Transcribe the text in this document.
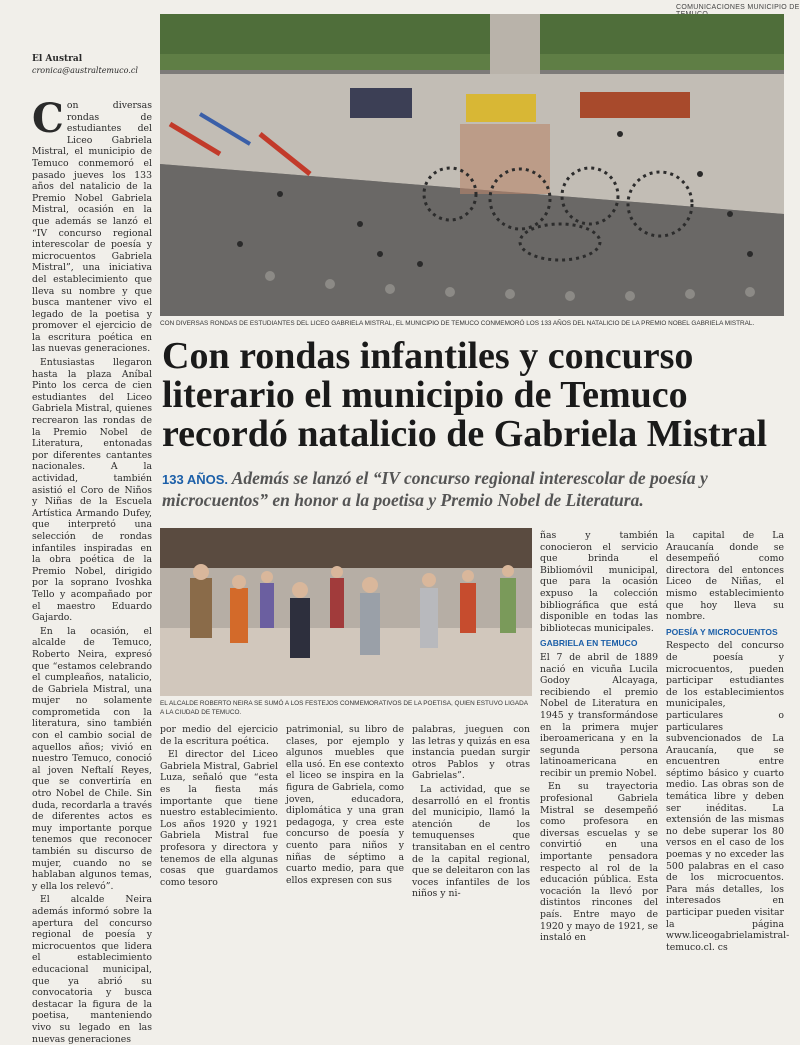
COMUNICACIONES MUNICIPIO DE
El Austral
cronica@australtemuco.cl

Con diversas rondas de estudiantes del Liceo Gabriela Mistral, el municipio de Temuco conmemoró el pasado jueves los 133 años del natalicio de la Premio Nobel Gabriela Mistral, ocasión en la que además se lanzó el “IV concurso regional interescolar de poesía y microcuentos Gabriela Mistral”, una iniciativa del establecimiento que lleva su nombre y que busca mantener vivo el legado de la poetisa y promover el ejercicio de la escritura poética en las nuevas generaciones.

Entusiastas llegaron hasta la plaza Aníbal Pinto los cerca de cien estudiantes del Liceo Gabriela Mistral, quienes recrearon las rondas de la Premio Nobel de Literatura, entonadas por diferentes cantantes nacionales. A la actividad, también asistió el Coro de Niños y Niñas de la Escuela Artística Armando Dufey, que interpretó una selección de rondas infantiles inspiradas en la obra poética de la Premio Nobel, dirigido por la soprano Ivoshka Tello y acompañado por el maestro Eduardo Gajardo.

En la ocasión, el alcalde de Temuco, Roberto Neira, expresó que “estamos celebrando el cumpleaños, natalicio, de Gabriela Mistral, una mujer no solamente comprometida con la literatura, sino también con el cambio social de aquellos años; vivió en nuestro Temuco, conoció al joven Neftalí Reyes, que se convertiría en otro Nobel de Chile. Sin duda, recordarla a través de diferentes actos es muy importante porque tenemos que reconocer también su discurso de mujer, cuando no se hablaban algunos temas, y ella los relevó”.

El alcalde Neira además informó sobre la apertura del concurso regional de poesía y microcuentos que lidera el establecimiento educacional municipal, que ya abrió su convocatoria y busca destacar la figura de la poetisa, manteniendo vivo su legado en las nuevas generaciones

CON DIVERSAS RONDAS DE ESTUDIANTES DEL LICEO GABRIELA MISTRAL, EL MUNICIPIO DE TEMUCO CONMEMORÓ LOS 133 AÑOS DEL NATALICIO DE LA PREMIO NOBEL GABRIELA MISTRAL.
Con rondas infantiles y concurso literario el municipio de Temuco recordó natalicio de Gabriela Mistral
133 AÑOS. Además se lanzó el “IV concurso regional interescolar de poesía y microcuentos” en honor a la poetisa y Premio Nobel de Literatura.
EL ALCALDE ROBERTO NEIRA SE SUMÓ A LOS FESTEJOS CONMEMORATIVOS DE LA POETISA, QUIEN ESTUVO LIGADA A LA CIUDAD DE TEMUCO.

por medio del ejercicio de la escritura poética.

El director del Liceo Gabriela Mistral, Gabriel Luza, señaló que “esta es la fiesta más importante que tiene nuestro establecimiento. Los años 1920 y 1921 Gabriela Mistral fue profesora y directora y tenemos de ella algunas cosas que guardamos como tesoro

patrimonial, su libro de clases, por ejemplo y algunos muebles que ella usó. En ese contexto el liceo se inspira en la figura de Gabriela, como joven, educadora, diplomática y una gran pedagoga, y crea este concurso de poesía y cuento para niños y niñas de séptimo a cuarto medio, para que ellos expresen con sus

palabras, jueguen con las letras y quizás en esa instancia puedan surgir otros Pablos y otras Gabrielas”.

La actividad, que se desarrolló en el frontis del municipio, llamó la atención de los temuquenses que transitaban en el centro de la capital regional, que se deleitaron con las voces infantiles de los niños y ni-

ñas y también conocieron el servicio que brinda el Bibliomóvil municipal, que para la ocasión expuso la colección bibliográfica que está disponible en todas las bibliotecas municipales.

GABRIELA EN TEMUCO

El 7 de abril de 1889 nació en vicuña Lucila Godoy Alcayaga, recibiendo el premio Nobel de Literatura en 1945 y transformándose en la primera mujer iberoamericana y en la segunda persona latinoamericana en recibir un premio Nobel.

En su trayectoria profesional Gabriela Mistral se desempeñó como profesora en diversas escuelas y se convirtió en una importante pensadora respecto al rol de la educación pública. Esta vocación la llevó por distintos rincones del país. Entre mayo de 1920 y mayo de 1921, se instaló en

la capital de La Araucanía donde se desempeñó como directora del entonces Liceo de Niñas, el mismo establecimiento que hoy lleva su nombre.

POESÍA Y MICROCUENTOS

Respecto del concurso de poesía y microcuentos, pueden participar estudiantes de los establecimientos municipales, particulares o particulares subvencionados de La Araucanía, que se encuentren entre séptimo básico y cuarto medio. Las obras son de temática libre y deben ser inéditas. La extensión de las mismas no debe superar los 80 versos en el caso de los poemas y no exceder las 500 palabras en el caso de los microcuentos. Para más detalles, los interesados en participar pueden visitar la página www.liceogabrielamistral-temuco.cl. cs
